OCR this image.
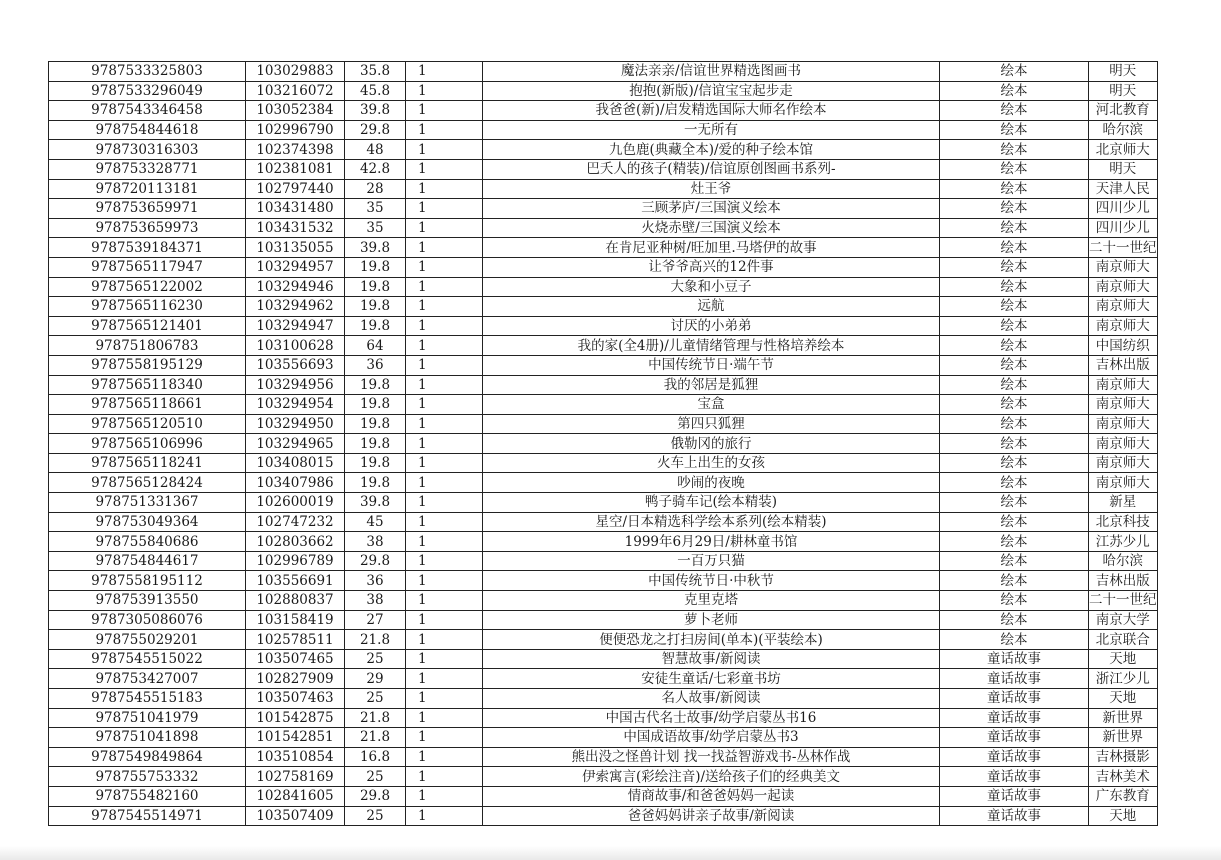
9787533325803	103029883	35.8	1	魔法亲亲/信谊世界精选图画书	绘本	明天
9787533296049	103216072	45.8	1	抱抱(新版)/信谊宝宝起步走	绘本	明天
9787543346458	103052384	39.8	1	我爸爸(新)/启发精选国际大师名作绘本	绘本	河北教育
978754844618	102996790	29.8	1	一无所有	绘本	哈尔滨
978730316303	102374398	48	1	九色鹿(典藏全本)/爱的种子绘本馆	绘本	北京师大
978753328771	102381081	42.8	1	巴夭人的孩子(精装)/信谊原创图画书系列-	绘本	明天
978720113181	102797440	28	1	灶王爷	绘本	天津人民
978753659971	103431480	35	1	三顾茅庐/三国演义绘本	绘本	四川少儿
978753659973	103431532	35	1	火烧赤壁/三国演义绘本	绘本	四川少儿
9787539184371	103135055	39.8	1	在肯尼亚种树/旺加里.马塔伊的故事	绘本	二十一世纪
9787565117947	103294957	19.8	1	让爷爷高兴的12件事	绘本	南京师大
9787565122002	103294946	19.8	1	大象和小豆子	绘本	南京师大
9787565116230	103294962	19.8	1	远航	绘本	南京师大
9787565121401	103294947	19.8	1	讨厌的小弟弟	绘本	南京师大
978751806783	103100628	64	1	我的家(全4册)/儿童情绪管理与性格培养绘本	绘本	中国纺织
9787558195129	103556693	36	1	中国传统节日·端午节	绘本	吉林出版
9787565118340	103294956	19.8	1	我的邻居是狐狸	绘本	南京师大
9787565118661	103294954	19.8	1	宝盒	绘本	南京师大
9787565120510	103294950	19.8	1	第四只狐狸	绘本	南京师大
9787565106996	103294965	19.8	1	俄勒冈的旅行	绘本	南京师大
9787565118241	103408015	19.8	1	火车上出生的女孩	绘本	南京师大
9787565128424	103407986	19.8	1	吵闹的夜晚	绘本	南京师大
978751331367	102600019	39.8	1	鸭子骑车记(绘本精装)	绘本	新星
978753049364	102747232	45	1	星空/日本精选科学绘本系列(绘本精装)	绘本	北京科技
978755840686	102803662	38	1	1999年6月29日/耕林童书馆	绘本	江苏少儿
978754844617	102996789	29.8	1	一百万只猫	绘本	哈尔滨
9787558195112	103556691	36	1	中国传统节日·中秋节	绘本	吉林出版
978753913550	102880837	38	1	克里克塔	绘本	二十一世纪
9787305086076	103158419	27	1	萝卜老师	绘本	南京大学
978755029201	102578511	21.8	1	便便恐龙之打扫房间(单本)(平装绘本)	绘本	北京联合
9787545515022	103507465	25	1	智慧故事/新阅读	童话故事	天地
978753427007	102827909	29	1	安徒生童话/七彩童书坊	童话故事	浙江少儿
9787545515183	103507463	25	1	名人故事/新阅读	童话故事	天地
978751041979	101542875	21.8	1	中国古代名士故事/幼学启蒙丛书16	童话故事	新世界
978751041898	101542851	21.8	1	中国成语故事/幼学启蒙丛书3	童话故事	新世界
9787549849864	103510854	16.8	1	熊出没之怪兽计划 找一找益智游戏书-丛林作战	童话故事	吉林摄影
978755753332	102758169	25	1	伊索寓言(彩绘注音)/送给孩子们的经典美文	童话故事	吉林美术
978755482160	102841605	29.8	1	情商故事/和爸爸妈妈一起读	童话故事	广东教育
9787545514971	103507409	25	1	爸爸妈妈讲亲子故事/新阅读	童话故事	天地
